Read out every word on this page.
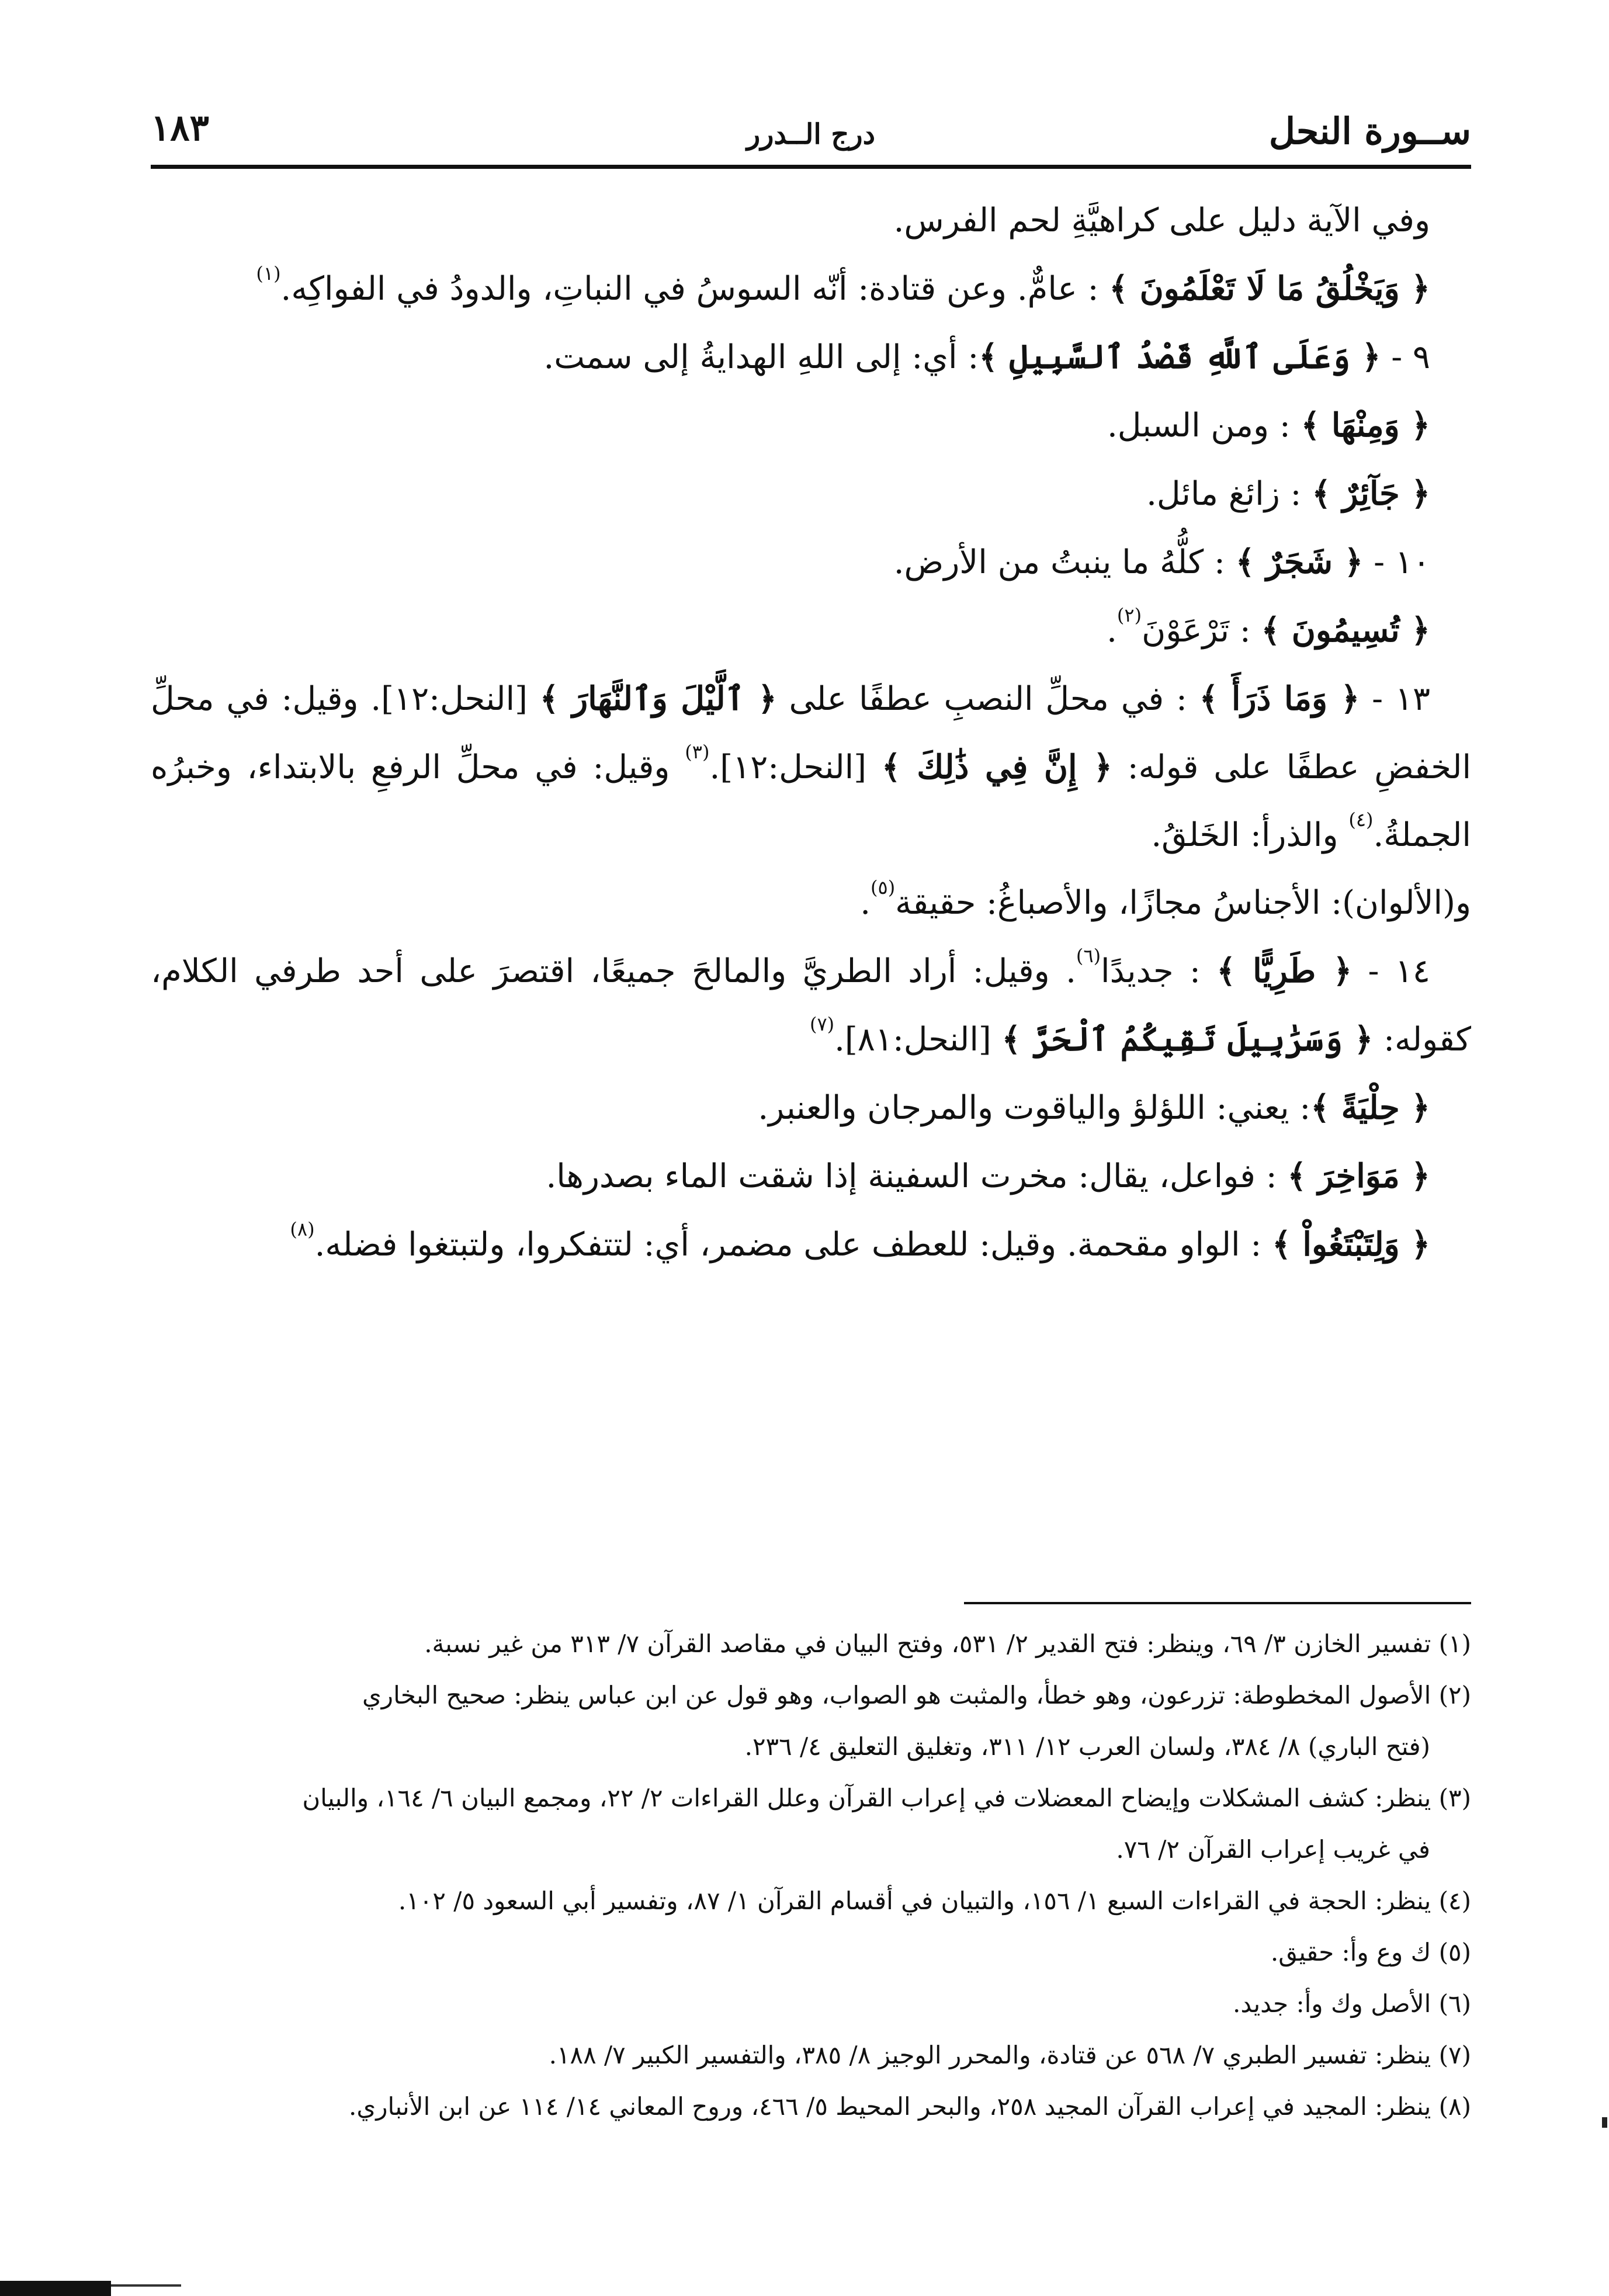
ســورة النحل
درج الــدرر
١٨٣

وفي الآية دليل على كراهيَّةِ لحم الفرس.

﴿ وَيَخْلُقُ مَا لَا تَعْلَمُونَ ﴾ : عامٌّ. وعن قتادة: أنّه السوسُ في النباتِ، والدودُ في الفواكِه.$^{(١)}$

٩ - ﴿ وَعَلَى ٱللَّهِ قَصْدُ ٱلسَّبِيلِ ﴾: أي: إلى اللهِ الهدايةُ إلى سمت.

﴿ وَمِنْهَا ﴾ : ومن السبل.

﴿ جَآئِرٌ ﴾ : زائغ مائل.

١٠ - ﴿ شَجَرٌ ﴾ : كلُّهُ ما ينبتُ من الأرض.

﴿ تُسِيمُونَ ﴾ : تَرْعَوْنَ$^{(٢)}$.

١٣ - ﴿ وَمَا ذَرَأَ ﴾ : في محلِّ النصبِ عطفًا على ﴿ ٱلَّيْلَ وَٱلنَّهَارَ ﴾ [النحل:١٢]. وقيل: في محلِّ الخفضِ عطفًا على قوله: ﴿ إِنَّ فِي ذَٰلِكَ ﴾ [النحل:١٢].$^{(٣)}$ وقيل: في محلِّ الرفعِ بالابتداء، وخبرُه الجملةُ.$^{(٤)}$ والذرأ: الخَلقُ.

و(الألوان): الأجناسُ مجازًا، والأصباغُ: حقيقة$^{(٥)}$.

١٤ - ﴿ طَرِيًّا ﴾ : جديدًا$^{(٦)}$. وقيل: أراد الطريَّ والمالحَ جميعًا، اقتصرَ على أحد طرفي الكلام، كقوله: ﴿ وَسَرَٰبِيلَ تَقِيكُمُ ٱلْحَرَّ ﴾ [النحل:٨١].$^{(٧)}$

﴿ حِلْيَةً ﴾: يعني: اللؤلؤ والياقوت والمرجان والعنبر.

﴿ مَوَاخِرَ ﴾ : فواعل، يقال: مخرت السفينة إذا شقت الماء بصدرها.

﴿ وَلِتَبْتَغُواْ ﴾ : الواو مقحمة. وقيل: للعطف على مضمر، أي: لتتفكروا، ولتبتغوا فضله.$^{(٨)}$

(١) تفسير الخازن ٣/ ٦٩، وينظر: فتح القدير ٢/ ٥٣١، وفتح البيان في مقاصد القرآن ٧/ ٣١٣ من غير نسبة.

(٢) الأصول المخطوطة: تزرعون، وهو خطأ، والمثبت هو الصواب، وهو قول عن ابن عباس ينظر: صحيح البخاري

(فتح الباري) ٨/ ٣٨٤، ولسان العرب ١٢/ ٣١١، وتغليق التعليق ٤/ ٢٣٦.

(٣) ينظر: كشف المشكلات وإيضاح المعضلات في إعراب القرآن وعلل القراءات ٢/ ٢٢، ومجمع البيان ٦/ ١٦٤، والبيان

في غريب إعراب القرآن ٢/ ٧٦.

(٤) ينظر: الحجة في القراءات السبع ١/ ١٥٦، والتبيان في أقسام القرآن ١/ ٨٧، وتفسير أبي السعود ٥/ ١٠٢.

(٥) ك وع وأ: حقيق.

(٦) الأصل وك وأ: جديد.

(٧) ينظر: تفسير الطبري ٧/ ٥٦٨ عن قتادة، والمحرر الوجيز ٨/ ٣٨٥، والتفسير الكبير ٧/ ١٨٨.

(٨) ينظر: المجيد في إعراب القرآن المجيد ٢٥٨، والبحر المحيط ٥/ ٤٦٦، وروح المعاني ١٤/ ١١٤ عن ابن الأنباري.
